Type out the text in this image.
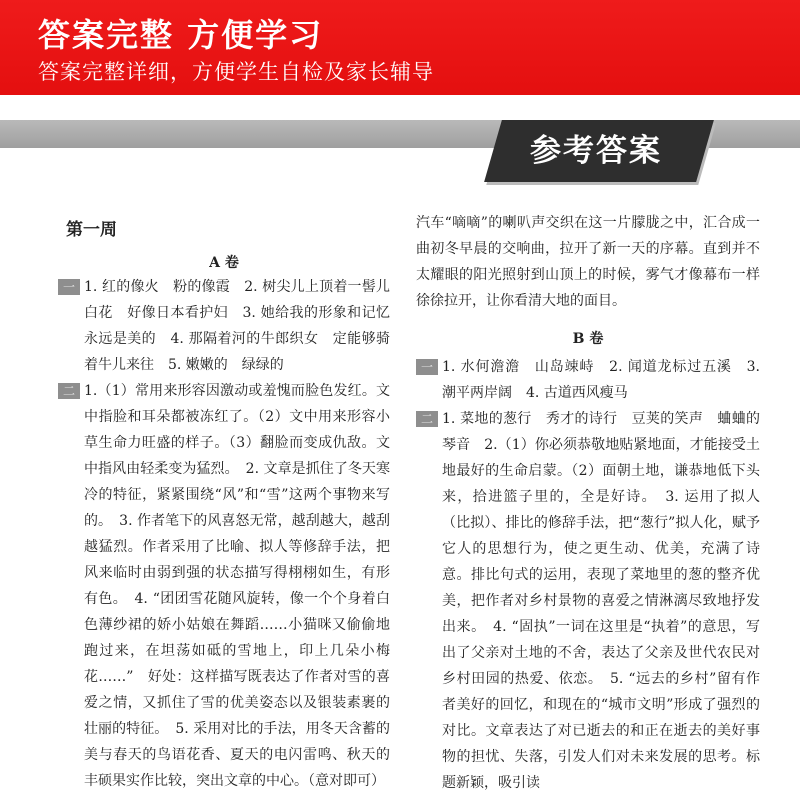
答案完整 方便学习
答案完整详细，方便学生自检及家长辅导
参考答案
第一周
A 卷
一 1. 红的像火　粉的像霞　2. 树尖儿上顶着一髻儿白花　好像日本看护妇　3. 她给我的形象和记忆永远是美的　4. 那隔着河的牛郎织女　定能够骑着牛儿来往　5. 嫩嫩的　绿绿的
二 1.（1）常用来形容因激动或羞愧而脸色发红。文中指脸和耳朵都被冻红了。（2）文中用来形容小草生命力旺盛的样子。（3）翻脸而变成仇敌。文中指风由轻柔变为猛烈。　2. 文章是抓住了冬天寒冷的特征，紧紧围绕“风”和“雪”这两个事物来写的。　3. 作者笔下的风喜怒无常，越刮越大，越刮越猛烈。作者采用了比喻、拟人等修辞手法，把风来临时由弱到强的状态描写得栩栩如生，有形有色。　4. “团团雪花随风旋转，像一个个身着白色薄纱裙的娇小姑娘在舞蹈……小猫咪又偷偷地跑过来，在坦荡如砥的雪地上，印上几朵小梅花……”　好处：这样描写既表达了作者对雪的喜爱之情，又抓住了雪的优美姿态以及银装素裹的壮丽的特征。　5. 采用对比的手法，用冬天含蓄的美与春天的鸟语花香、夏天的电闪雷鸣、秋天的丰硕果实作比较，突出文章的中心。（意对即可）
汽车“嘀嘀”的喇叭声交织在这一片朦胧之中，汇合成一曲初冬早晨的交响曲，拉开了新一天的序幕。直到并不太耀眼的阳光照射到山顶上的时候，雾气才像幕布一样徐徐拉开，让你看清大地的面目。
B 卷
一 1. 水何澹澹　山岛竦峙　2. 闻道龙标过五溪　3. 潮平两岸阔　4. 古道西风瘦马
二 1. 菜地的葱行　秀才的诗行　豆荚的笑声　蛐蛐的琴音　2.（1）你必须恭敬地贴紧地面，才能接受土地最好的生命启蒙。（2）面朝土地，谦恭地低下头来，拾进篮子里的，全是好诗。　3. 运用了拟人（比拟）、排比的修辞手法，把“葱行”拟人化，赋予它人的思想行为，使之更生动、优美，充满了诗意。排比句式的运用，表现了菜地里的葱的整齐优美，把作者对乡村景物的喜爱之情淋漓尽致地抒发出来。　4. “固执”一词在这里是“执着”的意思，写出了父亲对土地的不舍，表达了父亲及世代农民对乡村田园的热爱、依恋。　5. “远去的乡村”留有作者美好的回忆，和现在的“城市文明”形成了强烈的对比。文章表达了对已逝去的和正在逝去的美好事物的担忧、失落，引发人们对未来发展的思考。标题新颖，吸引读
